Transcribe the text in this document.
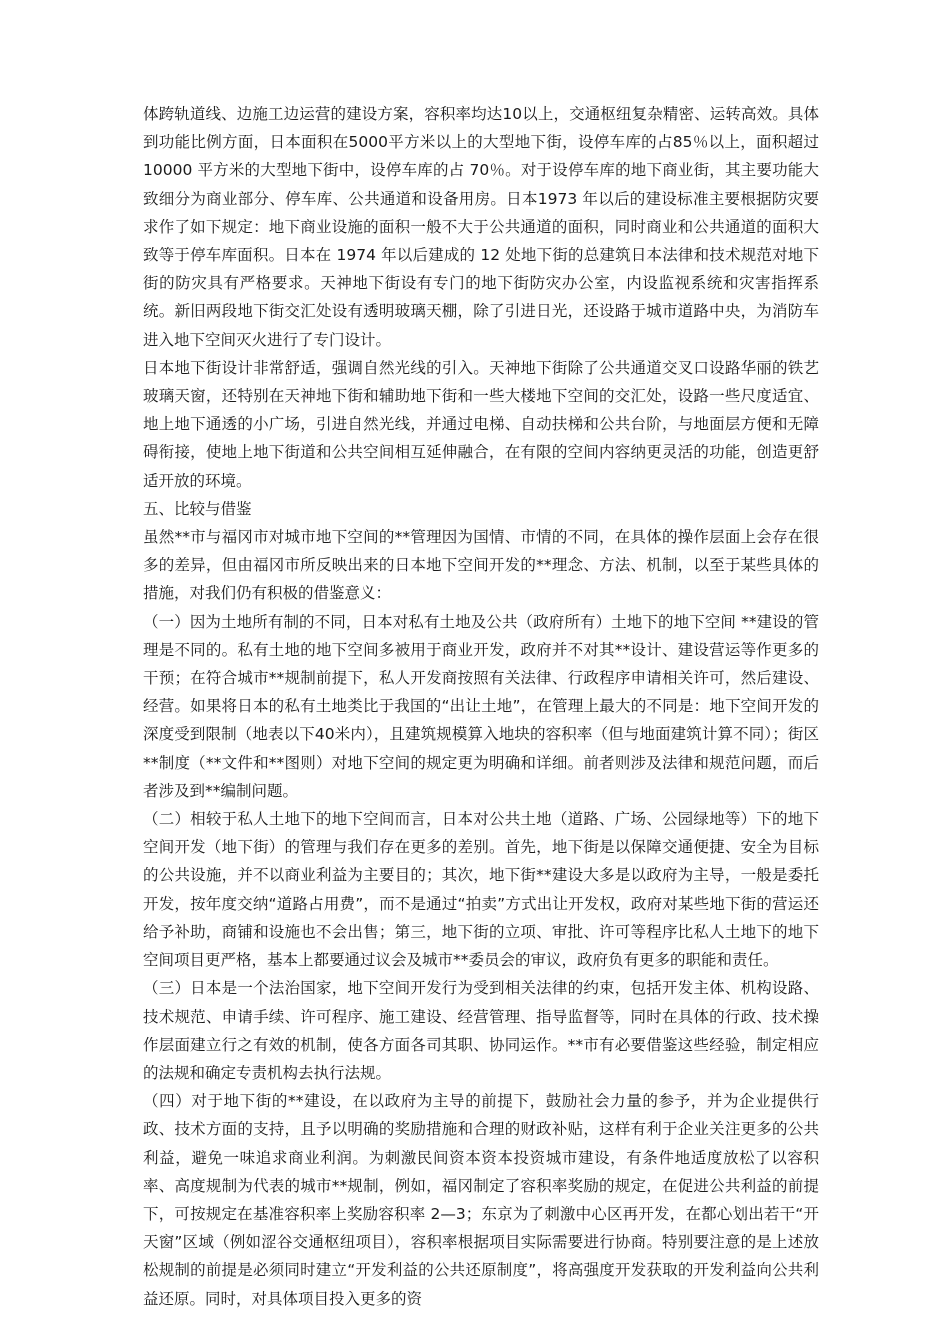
体跨轨道线、边施工边运营的建设方案，容积率均达10以上，交通枢纽复杂精密、运转高效。具体到功能比例方面，日本面积在5000平方米以上的大型地下街，设停车库的占85％以上，面积超过 10000 平方米的大型地下街中，设停车库的占 70％。对于设停车库的地下商业街，其主要功能大致细分为商业部分、停车库、公共通道和设备用房。日本1973 年以后的建设标准主要根据防灾要求作了如下规定：地下商业设施的面积一般不大于公共通道的面积，同时商业和公共通道的面积大致等于停车库面积。日本在 1974 年以后建成的 12 处地下街的总建筑日本法律和技术规范对地下街的防灾具有严格要求。天神地下街设有专门的地下街防灾办公室，内设监视系统和灾害指挥系统。新旧两段地下街交汇处设有透明玻璃天棚，除了引进日光，还设路于城市道路中央，为消防车进入地下空间灭火进行了专门设计。

日本地下街设计非常舒适，强调自然光线的引入。天神地下街除了公共通道交叉口设路华丽的铁艺玻璃天窗，还特别在天神地下街和辅助地下街和一些大楼地下空间的交汇处，设路一些尺度适宜、地上地下通透的小广场，引进自然光线，并通过电梯、自动扶梯和公共台阶，与地面层方便和无障碍衔接，使地上地下街道和公共空间相互延伸融合，在有限的空间内容纳更灵活的功能，创造更舒适开放的环境。

五、比较与借鉴

虽然**市与福冈市对城市地下空间的**管理因为国情、市情的不同，在具体的操作层面上会存在很多的差异，但由福冈市所反映出来的日本地下空间开发的**理念、方法、机制，以至于某些具体的措施，对我们仍有积极的借鉴意义：

（一）因为土地所有制的不同，日本对私有土地及公共（政府所有）土地下的地下空间 **建设的管理是不同的。私有土地的地下空间多被用于商业开发，政府并不对其**设计、建设营运等作更多的干预；在符合城市**规制前提下，私人开发商按照有关法律、行政程序申请相关许可，然后建设、经营。如果将日本的私有土地类比于我国的“出让土地”，在管理上最大的不同是：地下空间开发的深度受到限制（地表以下40米内），且建筑规模算入地块的容积率（但与地面建筑计算不同）；街区**制度（**文件和**图则）对地下空间的规定更为明确和详细。前者则涉及法律和规范问题，而后者涉及到**编制问题。

（二）相较于私人土地下的地下空间而言，日本对公共土地（道路、广场、公园绿地等）下的地下空间开发（地下街）的管理与我们存在更多的差别。首先，地下街是以保障交通便捷、安全为目标的公共设施，并不以商业利益为主要目的；其次，地下街**建设大多是以政府为主导，一般是委托开发，按年度交纳“道路占用费”，而不是通过“拍卖”方式出让开发权，政府对某些地下街的营运还给予补助，商铺和设施也不会出售；第三，地下街的立项、审批、许可等程序比私人土地下的地下空间项目更严格，基本上都要通过议会及城市**委员会的审议，政府负有更多的职能和责任。

（三）日本是一个法治国家，地下空间开发行为受到相关法律的约束，包括开发主体、机构设路、技术规范、申请手续、许可程序、施工建设、经营管理、指导监督等，同时在具体的行政、技术操作层面建立行之有效的机制，使各方面各司其职、协同运作。**市有必要借鉴这些经验，制定相应的法规和确定专责机构去执行法规。

（四）对于地下街的**建设，在以政府为主导的前提下，鼓励社会力量的参予，并为企业提供行政、技术方面的支持，且予以明确的奖励措施和合理的财政补贴，这样有利于企业关注更多的公共利益，避免一味追求商业利润。为刺激民间资本资本投资城市建设，有条件地适度放松了以容积率、高度规制为代表的城市**规制，例如，福冈制定了容积率奖励的规定，在促进公共利益的前提下，可按规定在基准容积率上奖励容积率 2—3；东京为了刺激中心区再开发，在都心划出若干“开天窗”区域（例如涩谷交通枢纽项目），容积率根据项目实际需要进行协商。特别要注意的是上述放松规制的前提是必须同时建立“开发利益的公共还原制度”，将高强度开发获取的开发利益向公共利益还原。同时，对具体项目投入更多的资
